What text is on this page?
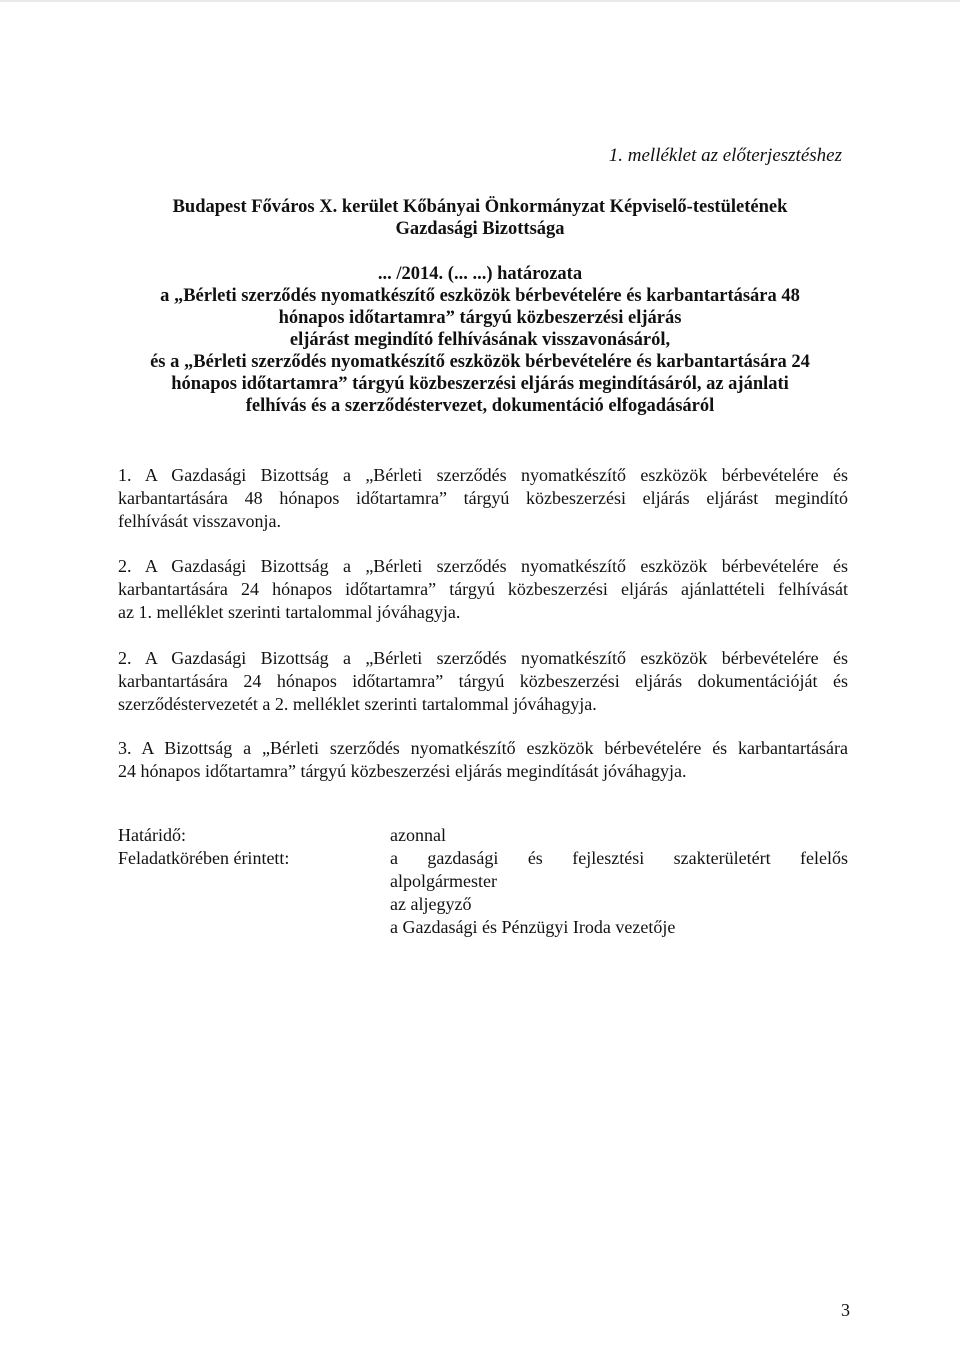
1. melléklet az előterjesztéshez
Budapest Főváros X. kerület Kőbányai Önkormányzat Képviselő-testületének
Gazdasági Bizottsága
... /2014. (... ...) határozata
a „Bérleti szerződés nyomatkészítő eszközök bérbevételére és karbantartására 48
hónapos időtartamra” tárgyú közbeszerzési eljárás
eljárást megindító felhívásának visszavonásáról,
és a „Bérleti szerződés nyomatkészítő eszközök bérbevételére és karbantartására 24
hónapos időtartamra” tárgyú közbeszerzési eljárás megindításáról, az ajánlati
felhívás és a szerződéstervezet, dokumentáció elfogadásáról
1. A Gazdasági Bizottság a „Bérleti szerződés nyomatkészítő eszközök bérbevételére és
karbantartására 48 hónapos időtartamra” tárgyú közbeszerzési eljárás eljárást megindító
felhívását visszavonja.
2. A Gazdasági Bizottság a „Bérleti szerződés nyomatkészítő eszközök bérbevételére és
karbantartására 24 hónapos időtartamra” tárgyú közbeszerzési eljárás ajánlattételi felhívását
az 1. melléklet szerinti tartalommal jóváhagyja.
2. A Gazdasági Bizottság a „Bérleti szerződés nyomatkészítő eszközök bérbevételére és
karbantartására 24 hónapos időtartamra” tárgyú közbeszerzési eljárás dokumentációját és
szerződéstervezetét a 2. melléklet szerinti tartalommal jóváhagyja.
3. A Bizottság a „Bérleti szerződés nyomatkészítő eszközök bérbevételére és karbantartására
24 hónapos időtartamra” tárgyú közbeszerzési eljárás megindítását jóváhagyja.
Határidő:	azonnal
Feladatkörében érintett:	a gazdasági és fejlesztési szakterületért felelős
alpolgármester
az aljegyző
a Gazdasági és Pénzügyi Iroda vezetője
3
